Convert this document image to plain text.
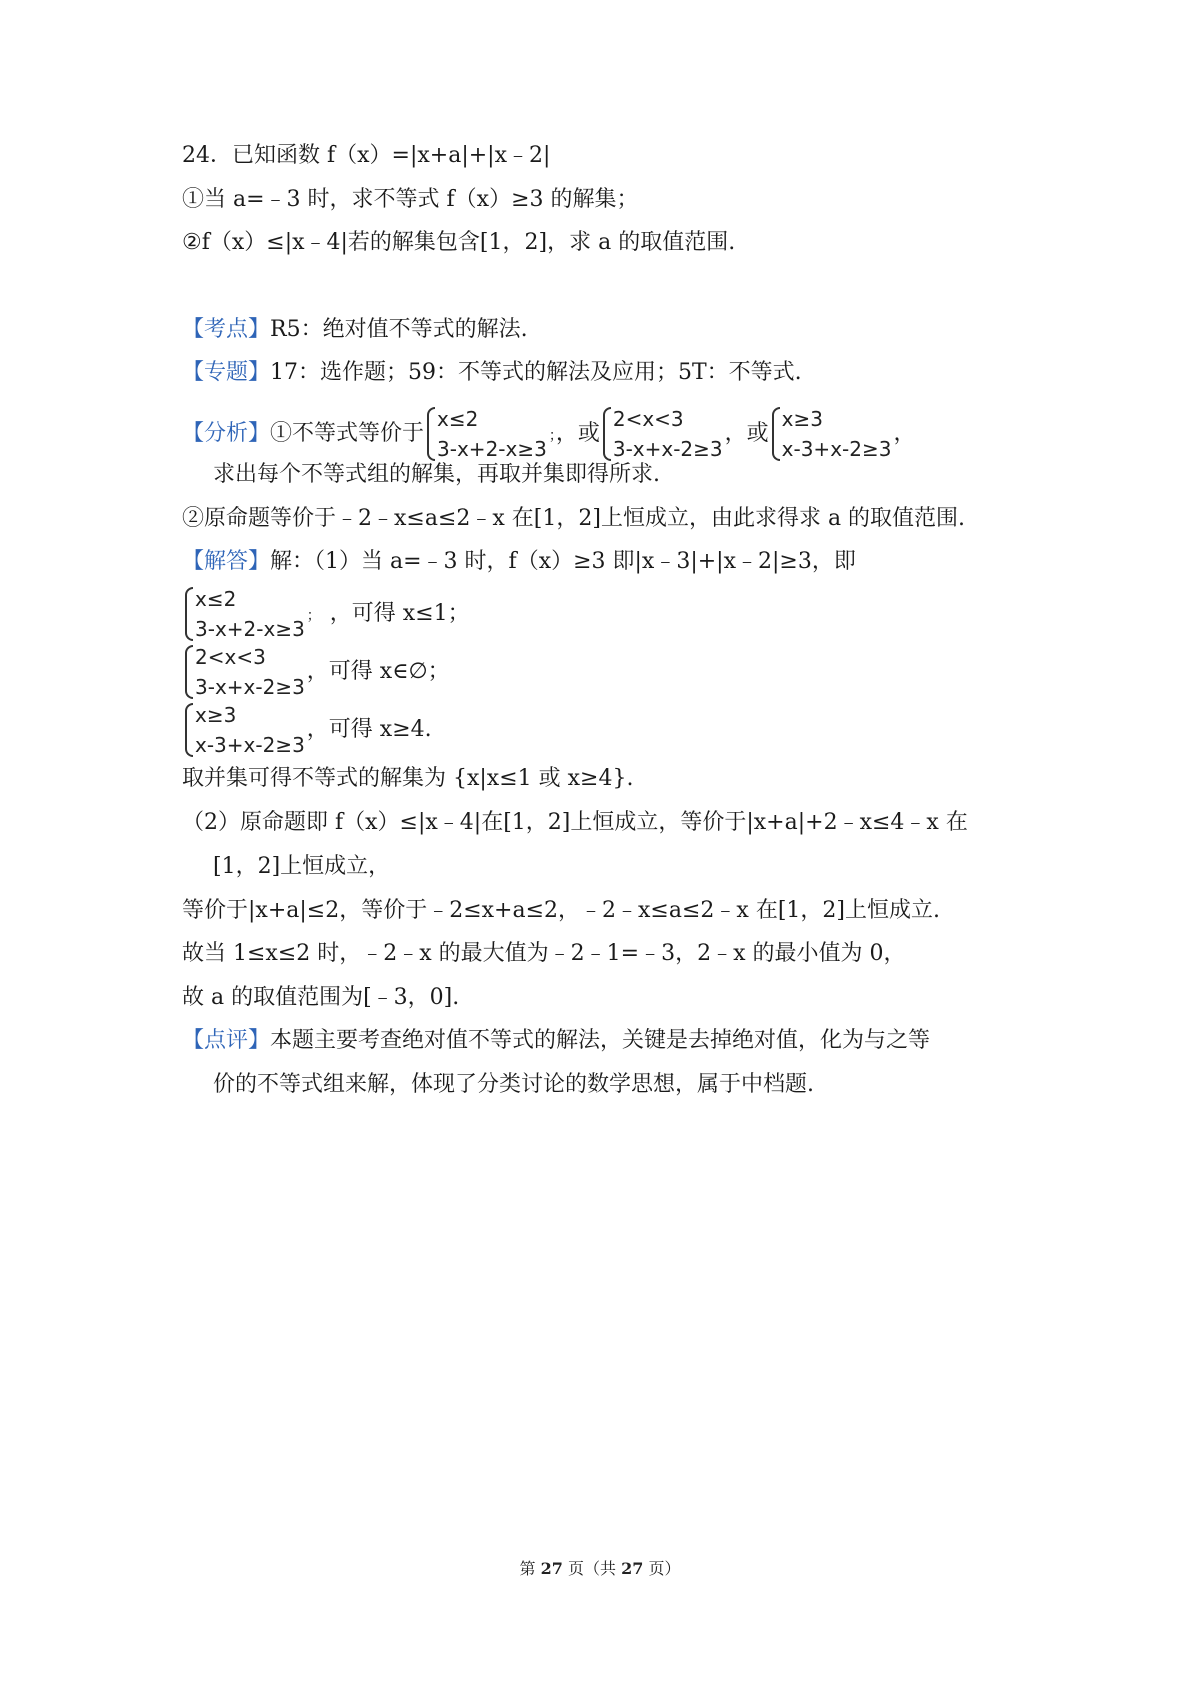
24．已知函数 f（x）=|x+a|+|x﹣2|
①当 a=﹣3 时，求不等式 f（x）≥3 的解集；
②f（x）≤|x﹣4|若的解集包含[1，2]，求 a 的取值范围.
【考点】R5：绝对值不等式的解法.
【专题】17：选作题；59：不等式的解法及应用；5T：不等式.
【分析】①不等式等价于
x≤2
3-x+2-x≥3
；，或
2<x<3
3-x+x-2≥3
，或
x≥3
x-3+x-2≥3
，
求出每个不等式组的解集，再取并集即得所求.
②原命题等价于﹣2﹣x≤a≤2﹣x 在[1，2]上恒成立，由此求得求 a 的取值范围.
【解答】解：（1）当 a=﹣3 时，f（x）≥3 即|x﹣3|+|x﹣2|≥3，即
x≤2
3-x+2-x≥3
； ，可得 x≤1；
2<x<3
3-x+x-2≥3
，可得 x∈∅；
x≥3
x-3+x-2≥3
，可得 x≥4.
取并集可得不等式的解集为 {x|x≤1 或 x≥4}.
（2）原命题即 f（x）≤|x﹣4|在[1，2]上恒成立，等价于|x+a|+2﹣x≤4﹣x 在
[1，2]上恒成立，
等价于|x+a|≤2，等价于﹣2≤x+a≤2，﹣2﹣x≤a≤2﹣x 在[1，2]上恒成立.
故当 1≤x≤2 时，﹣2﹣x 的最大值为﹣2﹣1=﹣3，2﹣x 的最小值为 0，
故 a 的取值范围为[﹣3，0].
【点评】本题主要考查绝对值不等式的解法，关键是去掉绝对值，化为与之等
价的不等式组来解，体现了分类讨论的数学思想，属于中档题.
第 27 页（共 27 页）
